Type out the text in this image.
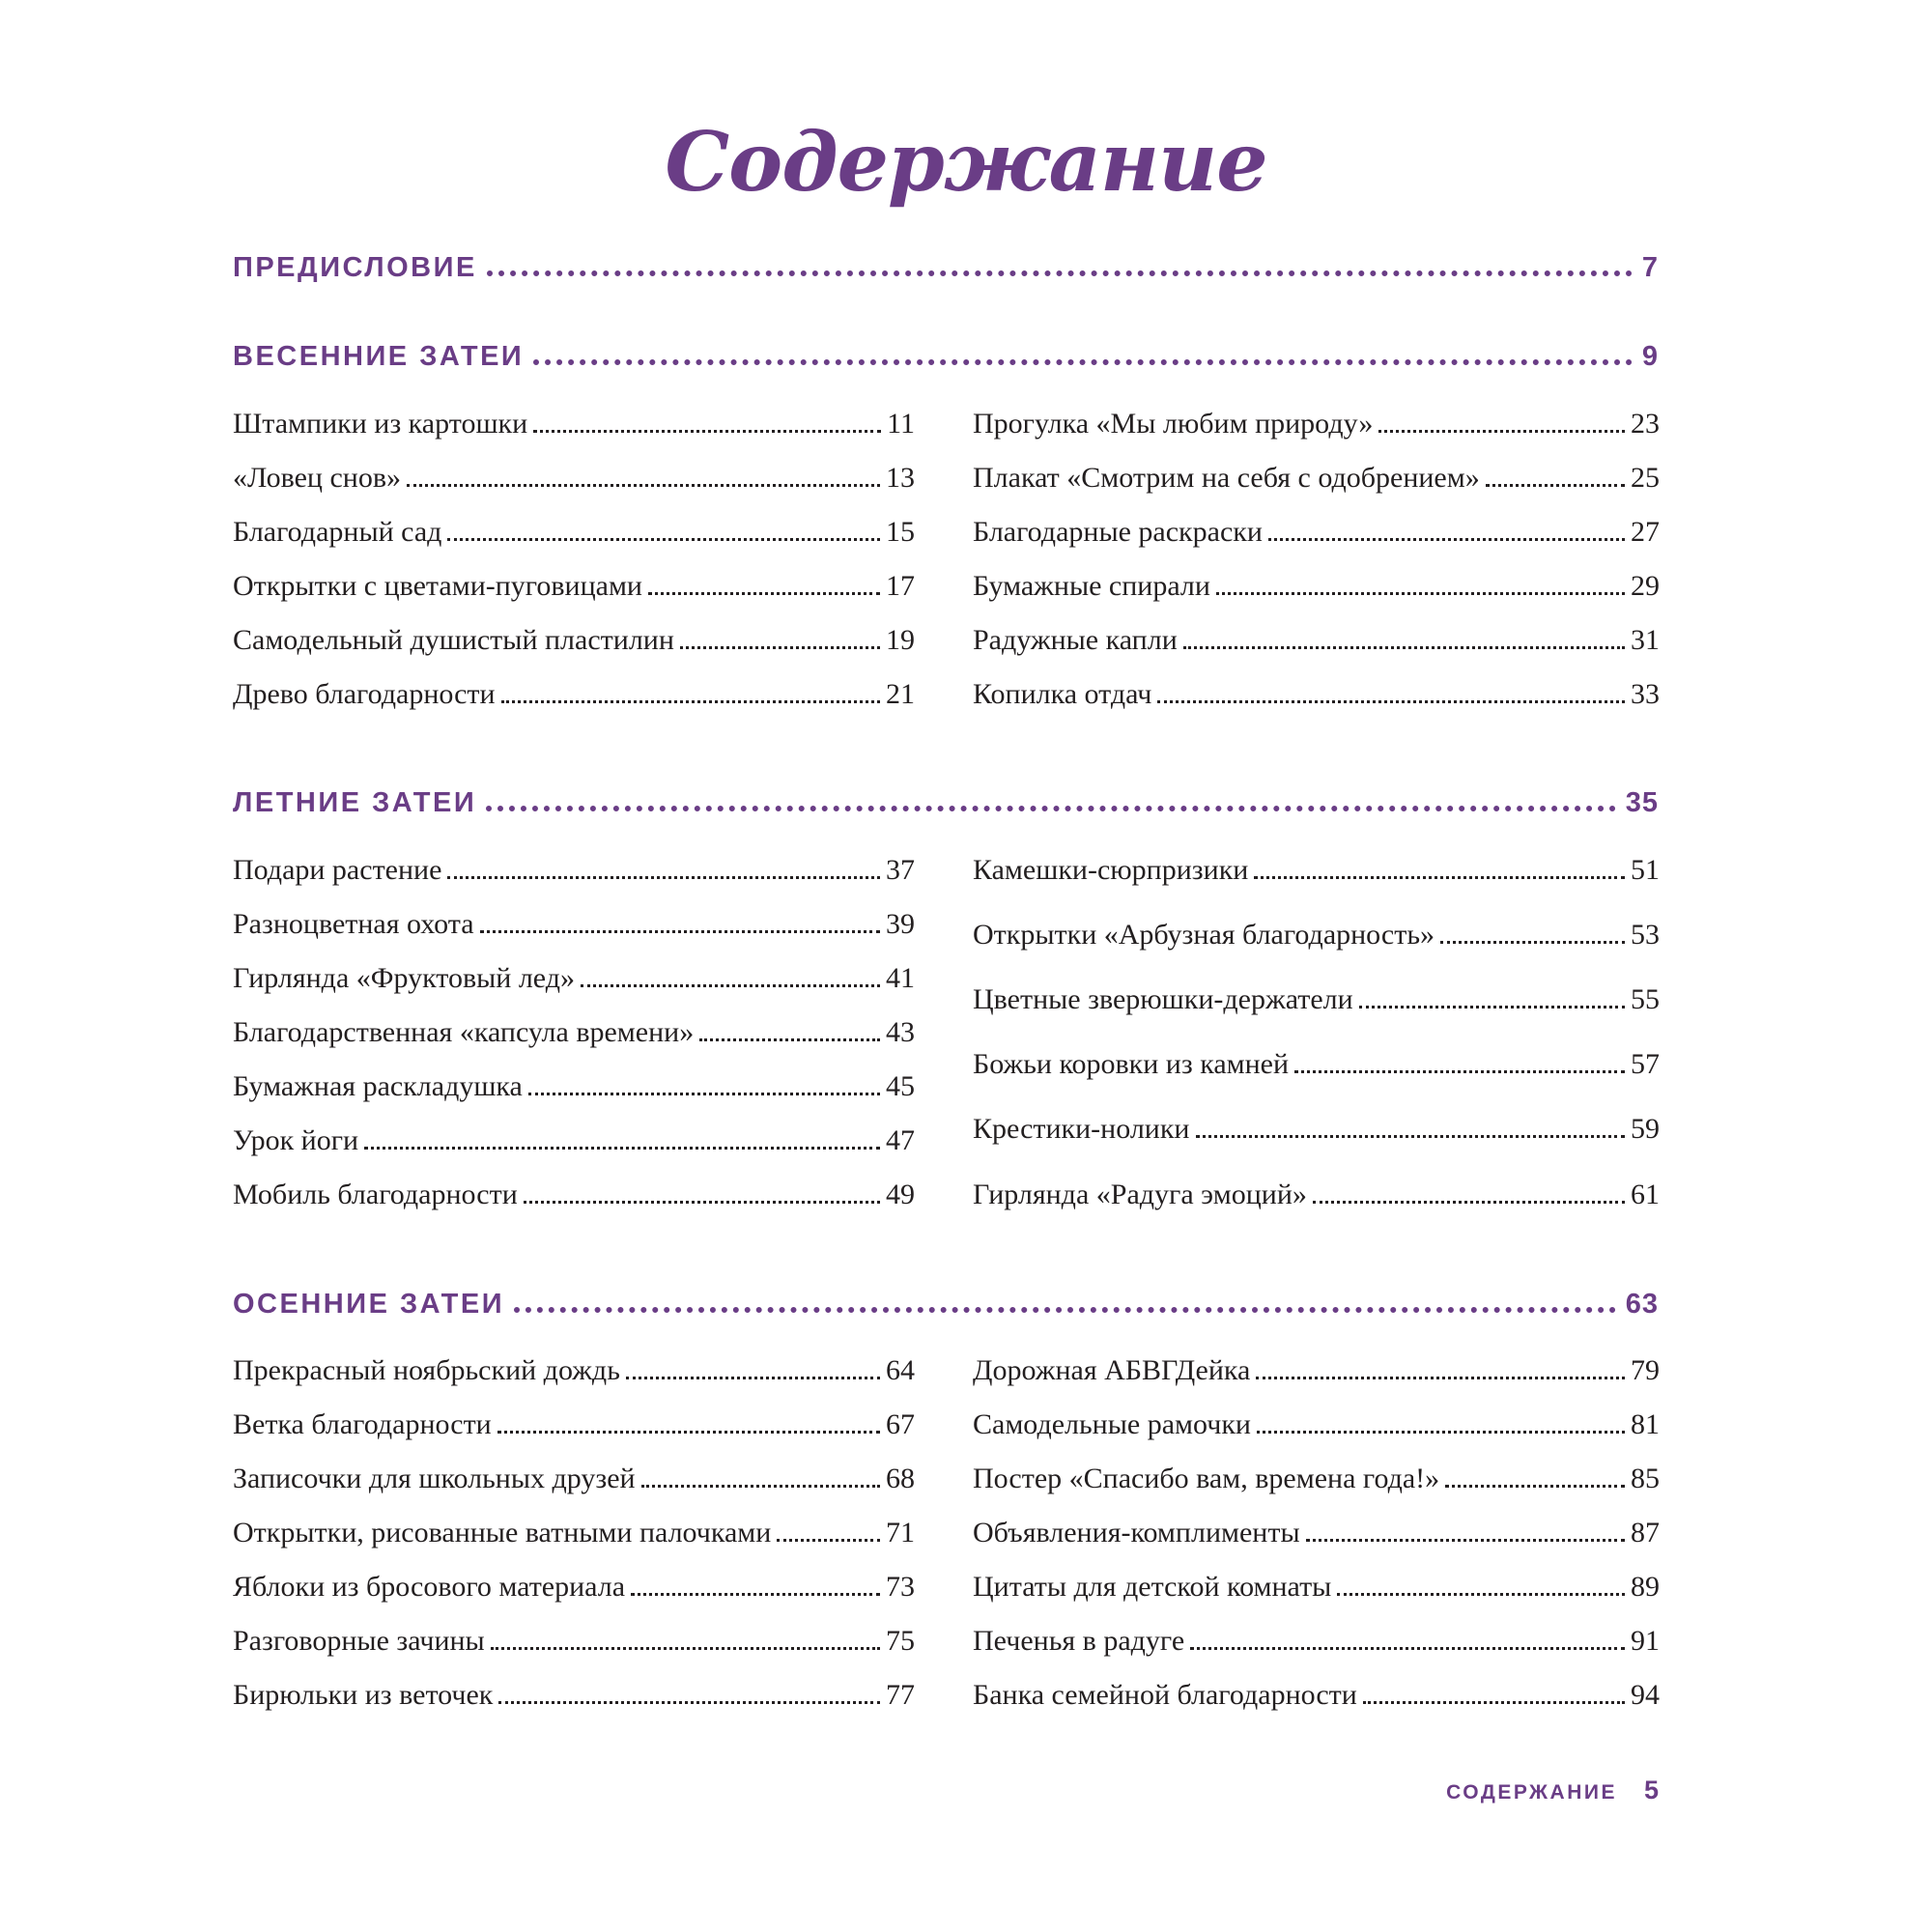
Содержание
ПРЕДИСЛОВИЕ	7
ВЕСЕННИЕ ЗАТЕИ	9
Штампики из картошки	11
«Ловец снов»	13
Благодарный сад	15
Открытки с цветами-пуговицами	17
Самодельный душистый пластилин	19
Древо благодарности	21
Прогулка «Мы любим природу»	23
Плакат «Смотрим на себя с одобрением»	25
Благодарные раскраски	27
Бумажные спирали	29
Радужные капли	31
Копилка отдач	33
ЛЕТНИЕ ЗАТЕИ	35
Подари растение	37
Разноцветная охота	39
Гирлянда «Фруктовый лед»	41
Благодарственная «капсула времени»	43
Бумажная раскладушка	45
Урок йоги	47
Мобиль благодарности	49
Камешки-сюрпризики	51
Открытки «Арбузная благодарность»	53
Цветные зверюшки-держатели	55
Божьи коровки из камней	57
Крестики-нолики	59
Гирлянда «Радуга эмоций»	61
ОСЕННИЕ ЗАТЕИ	63
Прекрасный ноябрьский дождь	64
Ветка благодарности	67
Записочки для школьных друзей	68
Открытки, рисованные ватными палочками	71
Яблоки из бросового материала	73
Разговорные зачины	75
Бирюльки из веточек	77
Дорожная АБВГДейка	79
Самодельные рамочки	81
Постер «Спасибо вам, времена года!»	85
Объявления-комплименты	87
Цитаты для детской комнаты	89
Печенья в радуге	91
Банка семейной благодарности	94
СОДЕРЖАНИЕ 5
